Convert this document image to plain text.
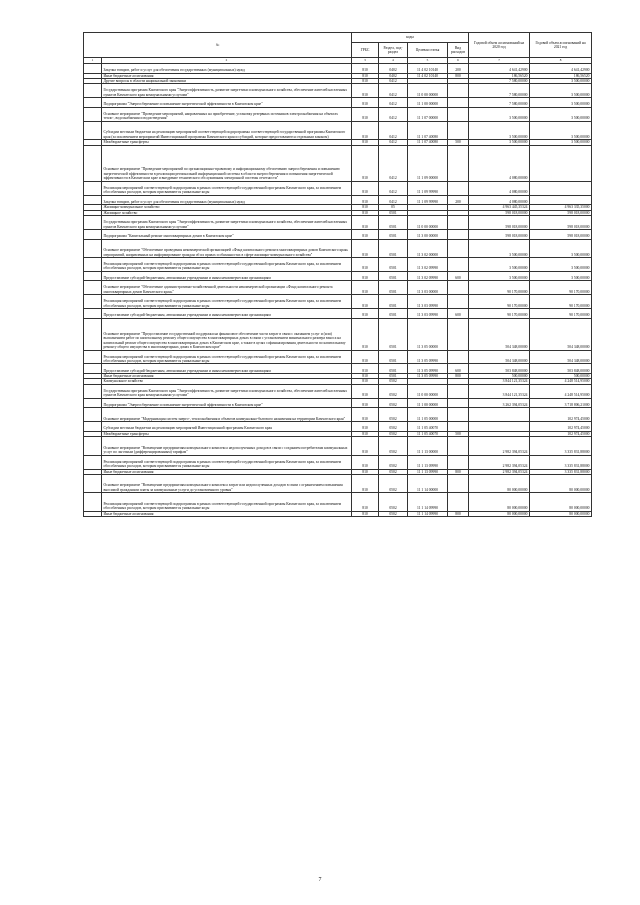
№		коды				Годовой объем ассигнований на 2020 год	Годовой объем ассигнований на 2021 год
		ГРБС	Раздел, под-раздел	Целевая статья	Вид расходов		
1	2	3	4	5	6	7	8
	Закупка товаров, работ и услуг для обеспечения государственных (муниципальных) нужд	810	0402	11 4 02 10140	200	4 641,42900	4 641,42900
	Иные бюджетные ассигнования	810	0402	11 4 02 10140	800	186,56520	186,56520
	Другие вопросы в области национальной экономики	810	0412			7 580,00000	3 500,00000
	Государственная программа Камчатского края "Энергоэффективность, развитие энергетики и коммунального хозяйства, обеспечение жителей населенных пунктов Камчатского края коммунальными услугами"	810	0412	11 0 00 00000		7 580,00000	3 500,00000
	Подпрограмма "Энергосбережение и повышение энергетической эффективности в Камчатском крае"	810	0412	11 1 00 00000		7 580,00000	3 500,00000
	Основное мероприятие "Проведение мероприятий, направленных на приобретение, установку резервных источников электроснабжения на объектах тепло-, водоснабжения и водоотведения"	810	0412	11 1 07 00000		3 500,00000	3 500,00000
	Субсидии местным бюджетам на реализацию мероприятий соответствующей подпрограммы соответствующей государственной программы Камчатского края (за исключением мероприятий Инвестиционной программы Камчатского края и субсидий, которые предоставляются отдельным законом)	810	0412	11 1 07 40080		3 500,00000	3 500,00000
	Межбюджетные трансферты	810	0412	11 1 07 40080	500	3 500,00000	3 500,00000
	Основное мероприятие "Проведение мероприятий по организационно-правовому и информационному обеспечению энергосбережения и повышению энергетической эффективности в реализации региональной информационной системы в области энергосбережения и повышения энергетической эффективности в Камчатском крае и внедрение технического обслуживания электронной системы отчетности"	810	0412	11 1 09 00000		4 080,00000	
	Реализация мероприятий соответствующей подпрограммы в рамках соответствующей государственной программы Камчатского края, за исключением обособленных расходов, которым присваиваются уникальные коды	810	0412	11 1 09 99990		4 080,00000	
	Закупка товаров, работ и услуг для обеспечения государственных (муниципальных) нужд	810	0412	11 1 09 99990	200	4 080,00000	
	Жилищно-коммунальное хозяйство	810	05			4 963 445,35324	4 963 335,35000
	Жилищное хозяйство	810	0501			598 018,00000	598 018,00000
	Государственная программа Камчатского края "Энергоэффективность, развитие энергетики и коммунального хозяйства, обеспечение жителей населенных пунктов Камчатского края коммунальными услугами"	810	0501	11 0 00 00000		598 018,00000	598 018,00000
	Подпрограмма "Капитальный ремонт многоквартирных домов в Камчатском крае"	810	0501	11 3 00 00000		598 018,00000	598 018,00000
	Основное мероприятие "Обеспечение проведения некоммерческой организацией «Фонд капитального ремонта многоквартирных домов Камчатского края» мероприятий, направленных на информирование граждан об их правах и обязанностях в сфере жилищно-коммунального хозяйства"	810	0501	11 3 02 00000		3 500,00000	3 500,00000
	Реализация мероприятий соответствующей подпрограммы в рамках соответствующей государственной программы Камчатского края, за исключением обособленных расходов, которым присваиваются уникальные коды	810	0501	11 3 02 09990		3 500,00000	3 500,00000
	Предоставление субсидий бюджетным, автономным учреждениям и иным некоммерческим организациям	810	0501	11 3 02 09990	600	3 500,00000	3 500,00000
	Основное мероприятие "Обеспечение административно-хозяйственной деятельности некоммерческой организации «Фонд капитального ремонта многоквартирных домов Камчатского края»"	810	0501	11 3 03 00000		90 170,00000	90 170,00000
	Реализация мероприятий соответствующей подпрограммы в рамках соответствующей государственной программы Камчатского края, за исключением обособленных расходов, которым присваиваются уникальные коды	810	0501	11 3 03 09990		90 170,00000	90 170,00000
	Предоставление субсидий бюджетным, автономным учреждениям и иным некоммерческим организациям	810	0501	11 3 03 09990	600	90 170,00000	90 170,00000
	Основное мероприятие "Предоставление государственной поддержки на финансовое обеспечение части затрат в связи с оказанием услуг и (или) выполнением работ по капитальному ремонту общего имущества в многоквартирных домах в связи с установлением минимального размера взноса на капитальный ремонт общего имущества в многоквартирных домах в Камчатском крае, а также в целях софинансирования деятельности по капитальному ремонту общего имущества в многоквартирных домах в Камчатском крае"	810	0501	11 3 05 00000		504 348,00000	504 348,00000
	Реализация мероприятий соответствующей подпрограммы в рамках соответствующей государственной программы Камчатского края, за исключением обособленных расходов, которым присваиваются уникальные коды	810	0501	11 3 05 09990		504 348,00000	504 348,00000
	Предоставление субсидий бюджетным, автономным учреждениям и иным некоммерческим организациям	810	0501	11 3 05 09990	600	503 848,00000	503 848,00000
	Иные бюджетные ассигнования	810	0501	11 3 05 09990	800	500,00000	500,00000
	Коммунальное хозяйство	810	0502			3 844 121,35324	4 248 514,95000
	Государственная программа Камчатского края "Энергоэффективность, развитие энергетики и коммунального хозяйства, обеспечение жителей населенных пунктов Камчатского края коммунальными услугами"	810	0502	11 0 00 00000		3 844 121,35324	4 248 514,95000
	Подпрограмма "Энергосбережение и повышение энергетической эффективности в Камчатском крае"	810	0502	11 1 00 00000		3 262 394,05324	3 718 806,21000
	Основное мероприятие "Модернизация систем энерго-, теплоснабжения и объектов коммунально-бытового назначения на территории Камчатского края"	810	0502	11 1 05 00000			102 974,45000
	Субсидии местным бюджетам на реализацию мероприятий Инвестиционной программы Камчатского края	810	0502	11 1 05 40070			102 974,45000
	Межбюджетные трансферты	810	0502	11 1 05 40070	500		102 974,45000
	Основное мероприятие "Возмещение предприятиям коммунального комплекса недополученных доходов в связи с созданием потребителям коммунальных услуг по льготным (дифференцированным) тарифам"	810	0502	11 1 13 00000		2 982 394,05324	3 335 831,88000
	Реализация мероприятий соответствующей подпрограммы в рамках соответствующей государственной программы Камчатского края, за исключением обособленных расходов, которым присваиваются уникальные коды	810	0502	11 1 13 09990		2 982 394,05324	3 335 831,88000
	Иные бюджетные ассигнования	810	0502	11 1 13 09990	800	2 982 394,05324	3 335 831,88000
	Основное мероприятие "Возмещение предприятиям коммунального комплекса затрат или недополученных доходов в связи с ограничением повышения вносимой гражданами платы за коммунальные услуги до установленного уровня"	810	0502	11 1 14 00000		80 000,00000	80 000,00000
	Реализация мероприятий соответствующей подпрограммы в рамках соответствующей государственной программы Камчатского края, за исключением обособленных расходов, которым присваиваются уникальные коды	810	0502	11 1 14 09990		80 000,00000	80 000,00000
	Иные бюджетные ассигнования	810	0502	11 1 14 09990	800	80 000,00000	80 000,00000
7
